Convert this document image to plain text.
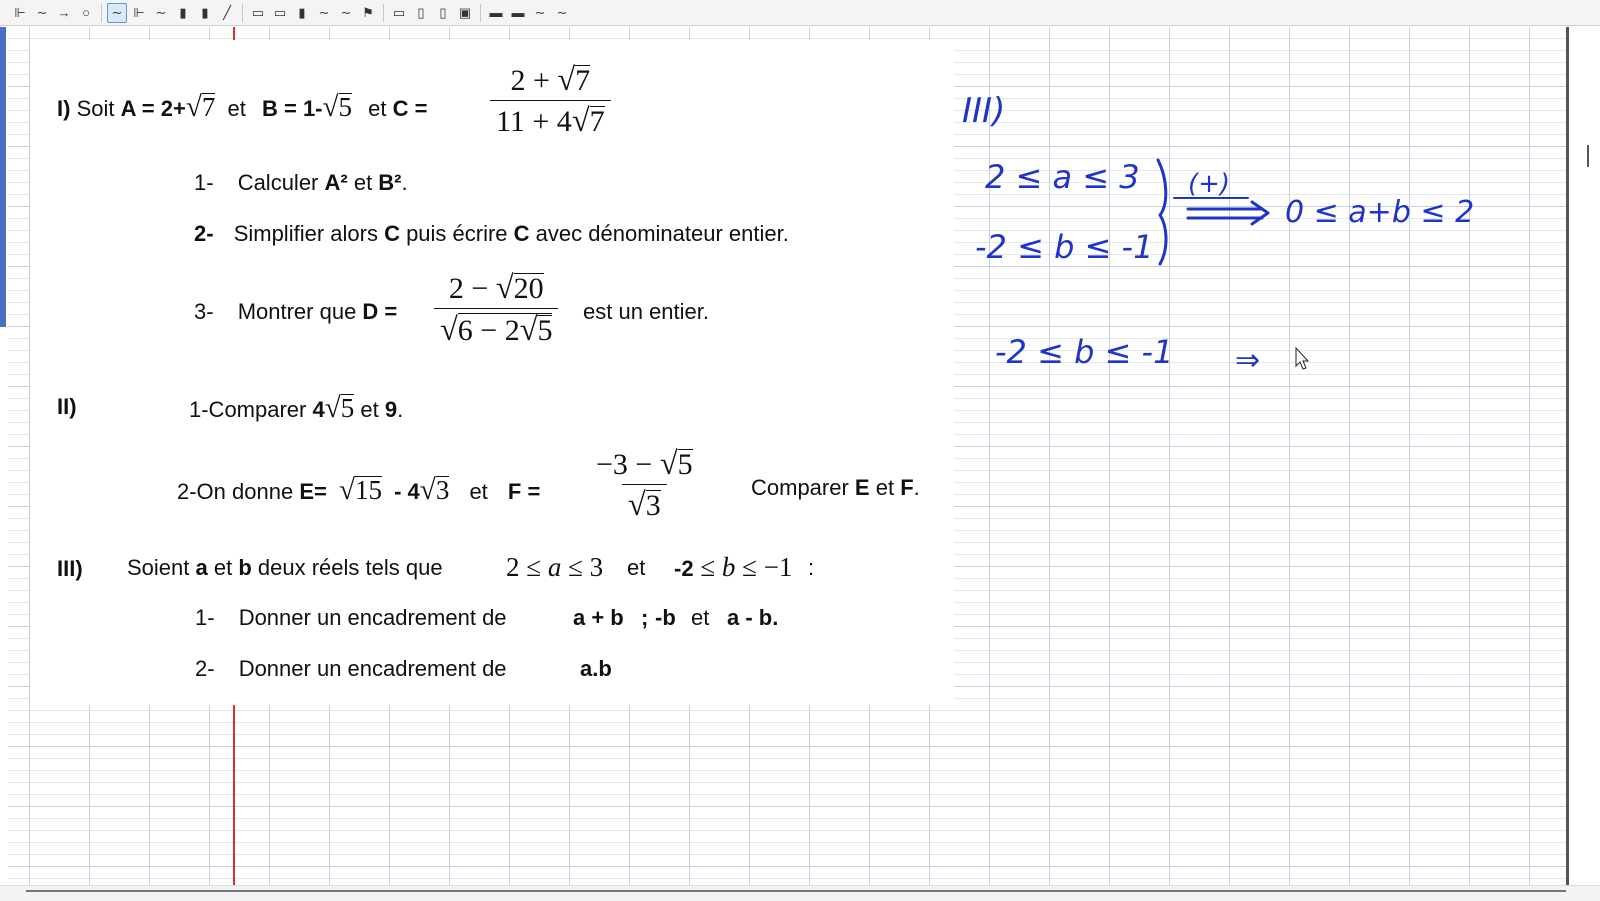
⊩ ∼ → ○	∼ ⊩ ∼ ▮	▮	╱	▭ ▭ ▮ ∼ ∼ ⚑	▭ ▯	▯ ▣ ▬ ▬ ∼ ∼
I) Soit A = 2+√7 et B = 1-√5 et $C = \frac{2 + √7}{11 + 4√7}$
1- Calculer A² et B².
2- Simplifier alors C puis écrire C avec dénominateur entier.
3- Montrer que $D = \frac{2 - √20}{√6 - 2√5}$ est un entier.
II)	1-Comparer 4√5 et 9.
2-On donne E= √15 - 4√3 et $F = \frac{-3 - √5}{√3}$ Comparer E et F.
III) Soient a et b deux réels tels que 2 ≤ a ≤ 3 et -2 ≤ b ≤ −1 :
1- Donner un encadrement de	a + b ; -b et a - b.
2- Donner un encadrement de	a.b
III)
2 ≤ a ≤ 3
-2 ≤ b ≤ -1
(+)
0 ≤ a+b ≤ 2
-2 ≤ b ≤ -1 ⇒
